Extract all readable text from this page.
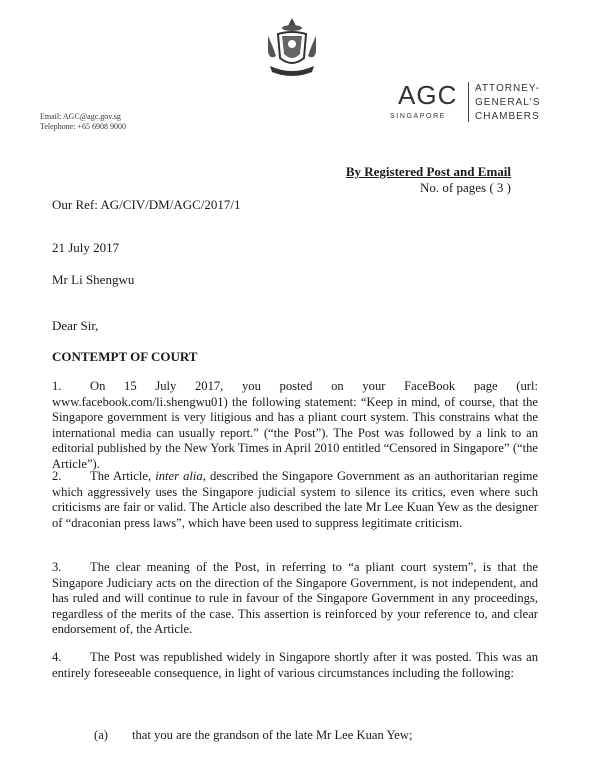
Email: AGC@agc.gov.sg
Telephone: +65 6908 9000
AGC
SINGAPORE
ATTORNEY-
GENERAL'S
CHAMBERS
By Registered Post and Email
No. of pages ( 3 )
Our Ref: AG/CIV/DM/AGC/2017/1
21 July 2017
Mr Li Shengwu
Dear Sir,
CONTEMPT OF COURT
1. On 15 July 2017, you posted on your FaceBook page (url: www.facebook.com/li.shengwu01) the following statement: “Keep in mind, of course, that the Singapore government is very litigious and has a pliant court system. This constrains what the international media can usually report.” (“the Post”). The Post was followed by a link to an editorial published by the New York Times in April 2010 entitled “Censored in Singapore” (“the Article”).
2. The Article, inter alia, described the Singapore Government as an authoritarian regime which aggressively uses the Singapore judicial system to silence its critics, even where such criticisms are fair or valid. The Article also described the late Mr Lee Kuan Yew as the designer of “draconian press laws”, which have been used to suppress legitimate criticism.
3. The clear meaning of the Post, in referring to “a pliant court system”, is that the Singapore Judiciary acts on the direction of the Singapore Government, is not independent, and has ruled and will continue to rule in favour of the Singapore Government in any proceedings, regardless of the merits of the case. This assertion is reinforced by your reference to, and clear endorsement of, the Article.
4. The Post was republished widely in Singapore shortly after it was posted. This was an entirely foreseeable consequence, in light of various circumstances including the following:
(a) that you are the grandson of the late Mr Lee Kuan Yew;
